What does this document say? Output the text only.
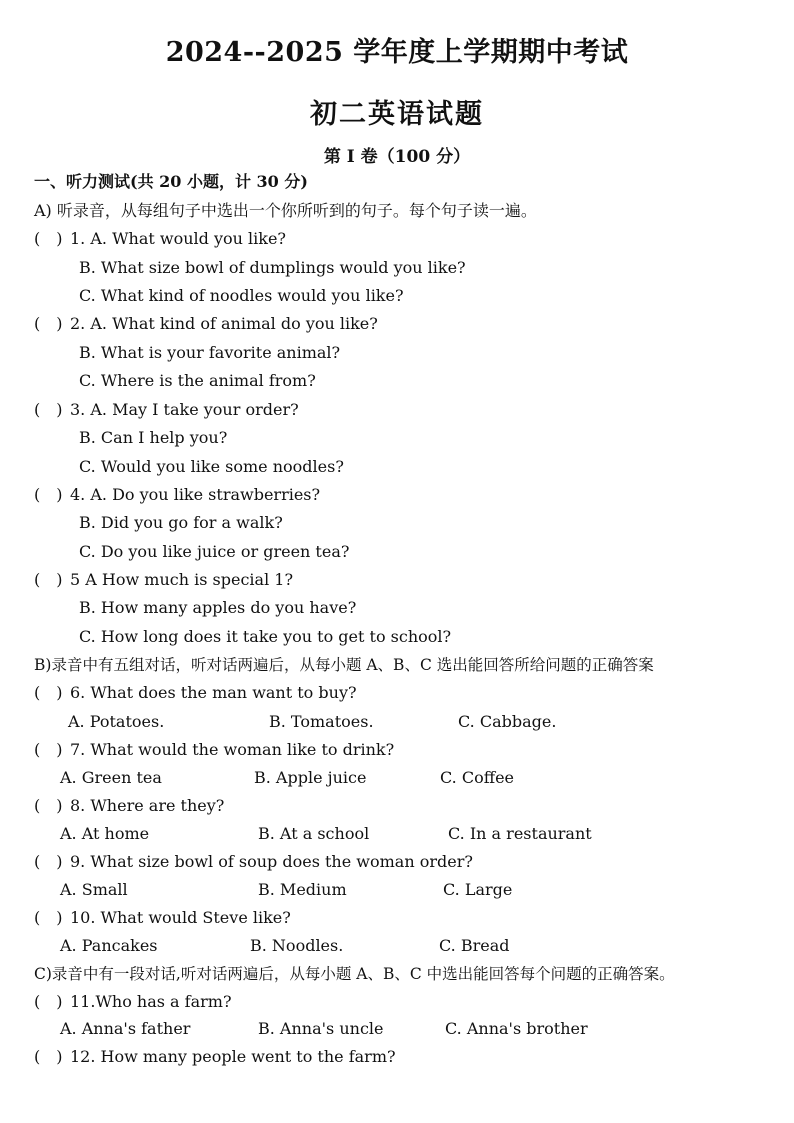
2024--2025 学年度上学期期中考试
初二英语试题
第 I 卷（100 分）
一、听力测试(共 20 小题，计 30 分)
A) 听录音，从每组句子中选出一个你所听到的句子。每个句子读一遍。
(　) 1. A. What would you like?
B. What size bowl of dumplings would you like?
C. What kind of noodles would you like?
(　) 2. A. What kind of animal do you like?
B. What is your favorite animal?
C. Where is the animal from?
(　) 3. A. May I take your order?
B. Can I help you?
C. Would you like some noodles?
(　) 4. A. Do you like strawberries?
B. Did you go for a walk?
C. Do you like juice or green tea?
(　) 5 A How much is special 1?
B. How many apples do you have?
C. How long does it take you to get to school?
B)录音中有五组对话，听对话两遍后，从每小题 A、B、C 选出能回答所给问题的正确答案
(　) 6. What does the man want to buy?
A. Potatoes.	B. Tomatoes.	C. Cabbage.
(　) 7. What would the woman like to drink?
A. Green tea	B. Apple juice	C. Coffee
(　) 8. Where are they?
A. At home	B. At a school	C. In a restaurant
(　) 9. What size bowl of soup does the woman order?
A. Small	B. Medium	C. Large
(　) 10. What would Steve like?
A. Pancakes	B. Noodles.	C. Bread
C)录音中有一段对话,听对话两遍后，从每小题 A、B、C 中选出能回答每个问题的正确答案。
(　) 11.Who has a farm?
A. Anna's father	B. Anna's uncle	C. Anna's brother
(　) 12. How many people went to the farm?
